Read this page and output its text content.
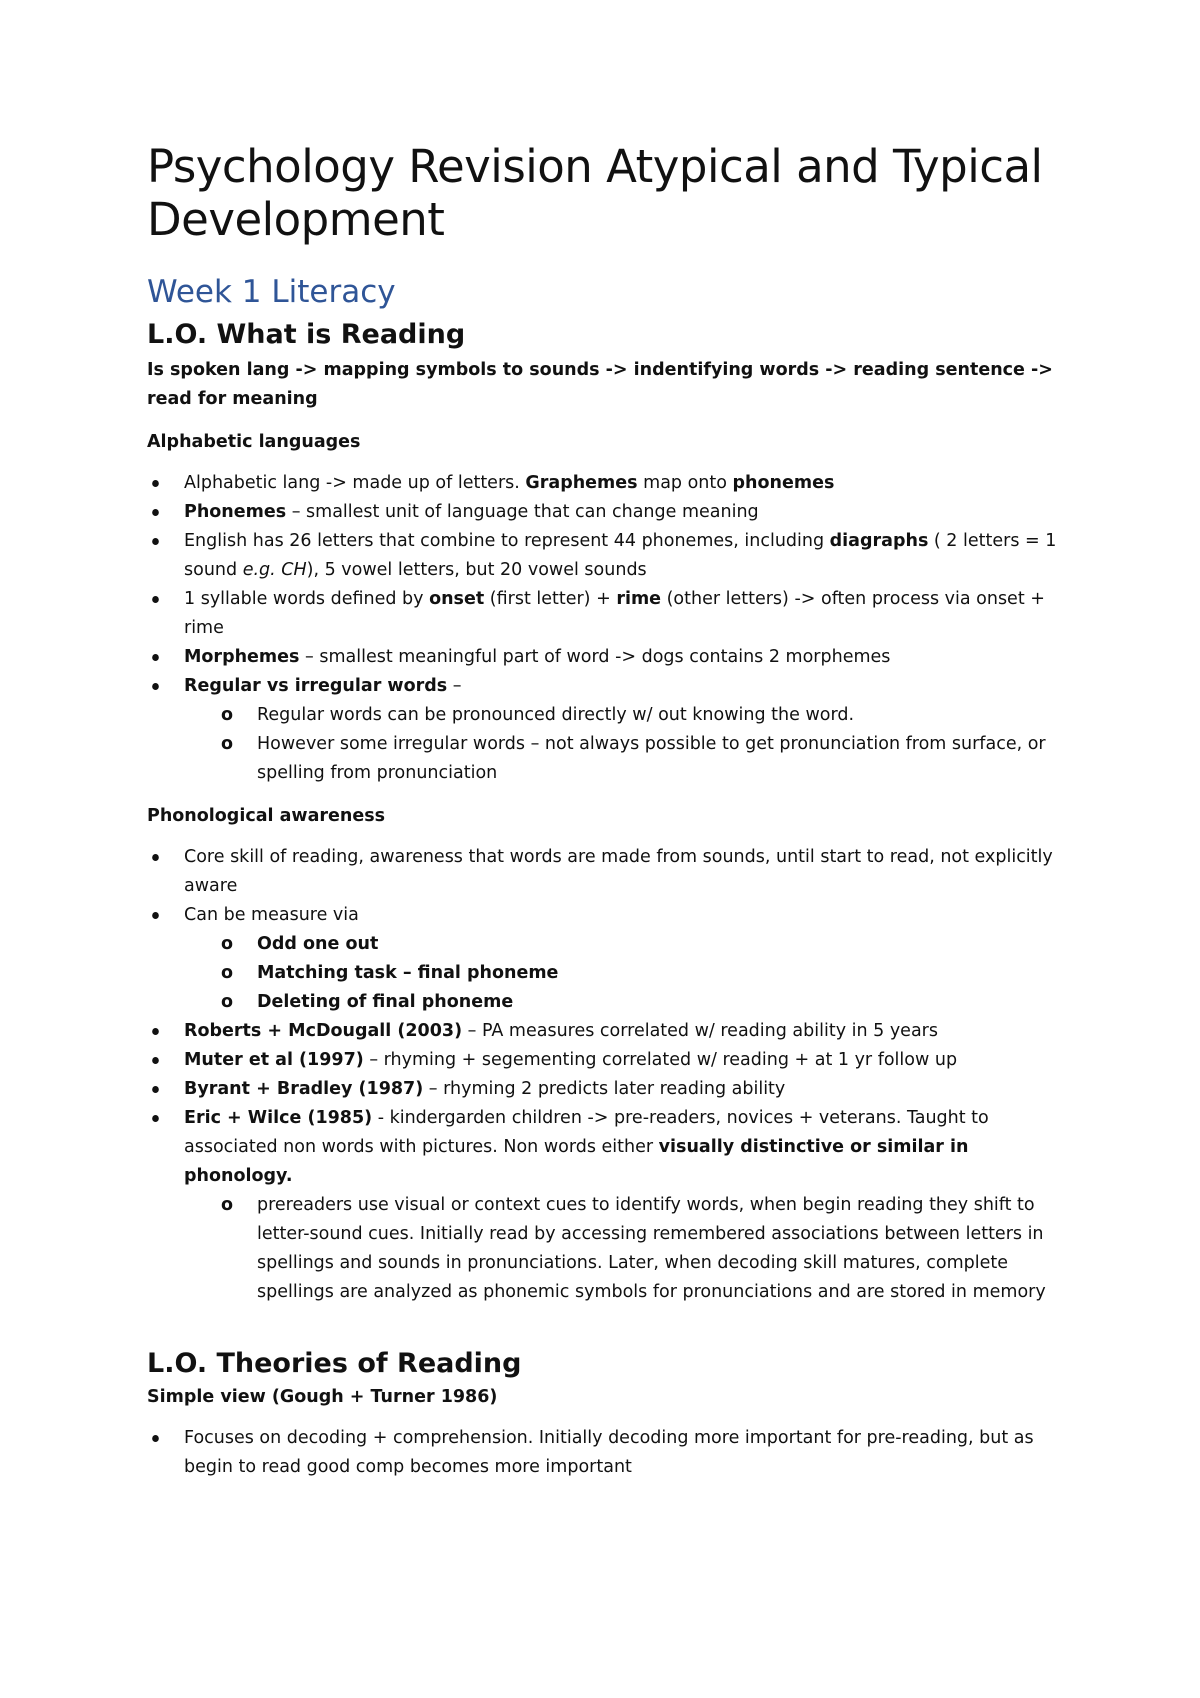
Psychology Revision Atypical and Typical Development
Week 1 Literacy
L.O. What is Reading

Is spoken lang -> mapping symbols to sounds -> indentifying words -> reading sentence -> read for meaning

Alphabetic languages

Alphabetic lang -> made up of letters. Graphemes map onto phonemes
Phonemes – smallest unit of language that can change meaning
English has 26 letters that combine to represent 44 phonemes, including diagraphs ( 2 letters = 1 sound e.g. CH), 5 vowel letters, but 20 vowel sounds
1 syllable words defined by onset (first letter) + rime (other letters) -> often process via onset + rime
Morphemes – smallest meaningful part of word -> dogs contains 2 morphemes
Regular vs irregular words –
o Regular words can be pronounced directly w/ out knowing the word.
o However some irregular words – not always possible to get pronunciation from surface, or spelling from pronunciation

Phonological awareness

Core skill of reading, awareness that words are made from sounds, until start to read, not explicitly aware
Can be measure via
o Odd one out
o Matching task – final phoneme
o Deleting of final phoneme
Roberts + McDougall (2003) – PA measures correlated w/ reading ability in 5 years
Muter et al (1997) – rhyming + segementing correlated w/ reading + at 1 yr follow up
Byrant + Bradley (1987) – rhyming 2 predicts later reading ability
Eric + Wilce (1985) - kindergarden children -> pre-readers, novices + veterans. Taught to associated non words with pictures. Non words either visually distinctive or similar in phonology.
o prereaders use visual or context cues to identify words, when begin reading they shift to letter-sound cues. Initially read by accessing remembered associations between letters in spellings and sounds in pronunciations. Later, when decoding skill matures, complete spellings are analyzed as phonemic symbols for pronunciations and are stored in memory
L.O. Theories of Reading

Simple view (Gough + Turner 1986)

Focuses on decoding + comprehension. Initially decoding more important for pre-reading, but as begin to read good comp becomes more important
